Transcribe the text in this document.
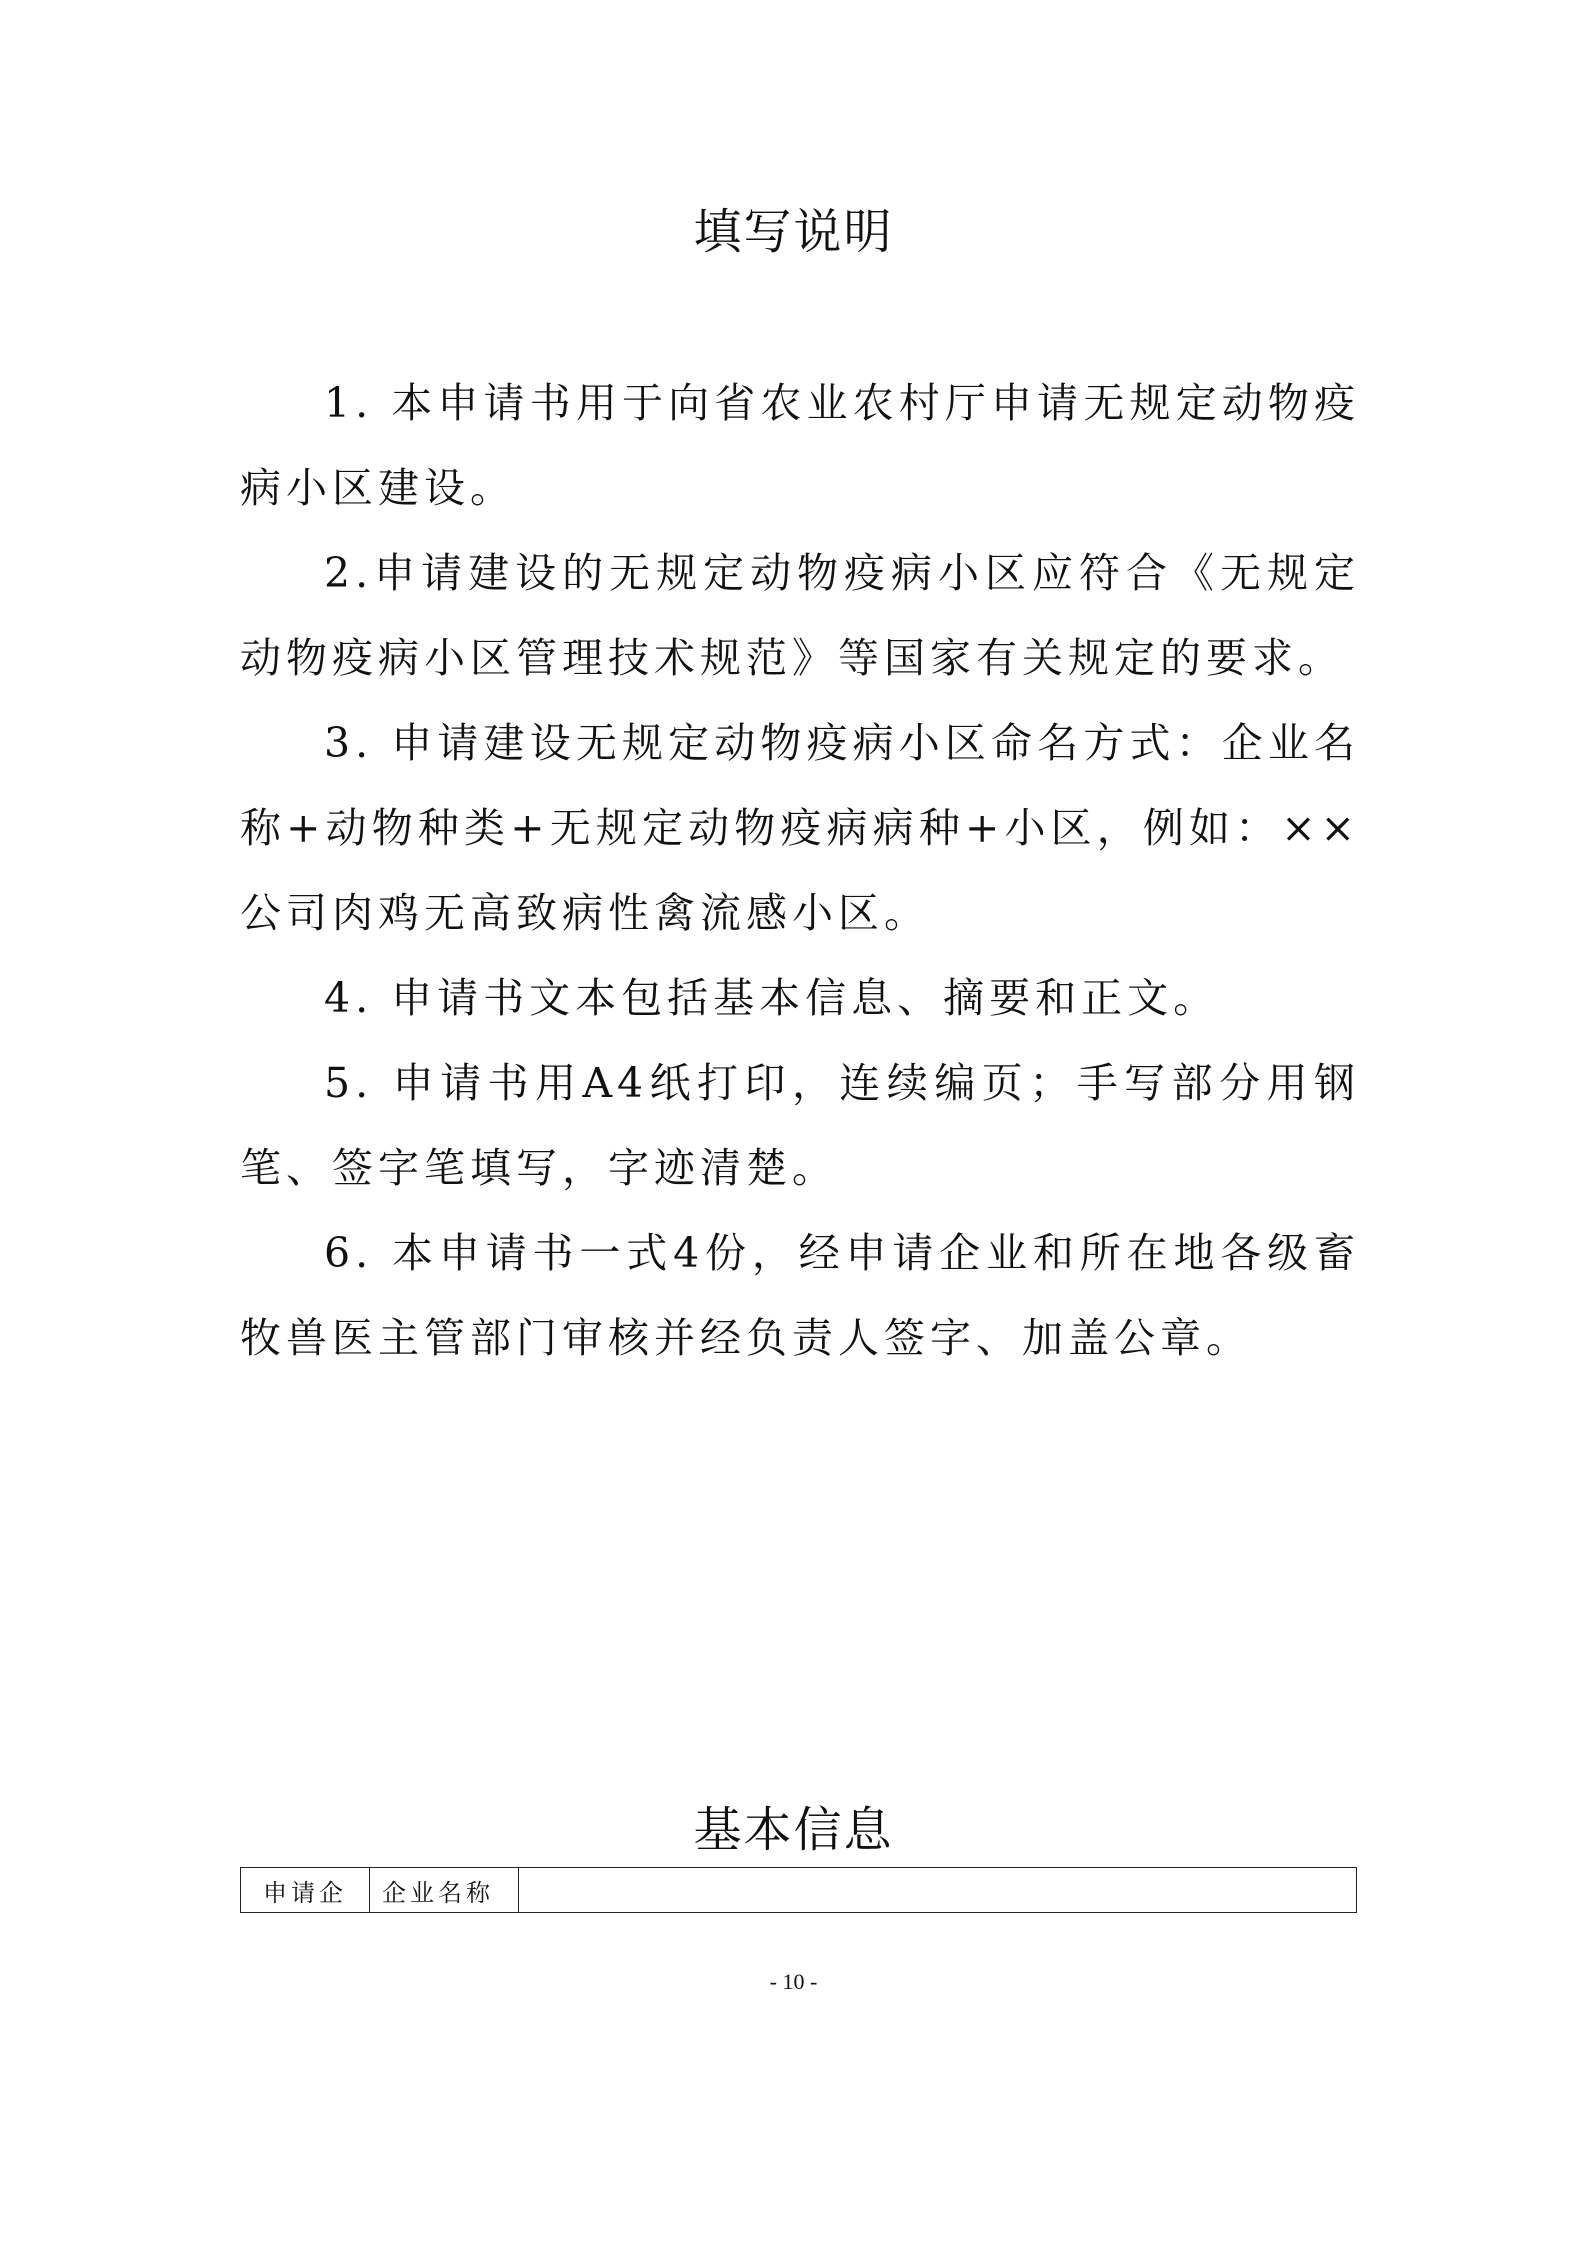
填写说明

1. 本申请书用于向省农业农村厅申请无规定动物疫病小区建设。

2.申请建设的无规定动物疫病小区应符合《无规定动物疫病小区管理技术规范》等国家有关规定的要求。

3. 申请建设无规定动物疫病小区命名方式：企业名称+动物种类+无规定动物疫病病种+小区，例如：××公司肉鸡无高致病性禽流感小区。

4. 申请书文本包括基本信息、摘要和正文。

5. 申请书用A4纸打印，连续编页；手写部分用钢笔、签字笔填写，字迹清楚。

6. 本申请书一式4份，经申请企业和所在地各级畜牧兽医主管部门审核并经负责人签字、加盖公章。

基本信息
申请企	企业名称	
- 10 -
